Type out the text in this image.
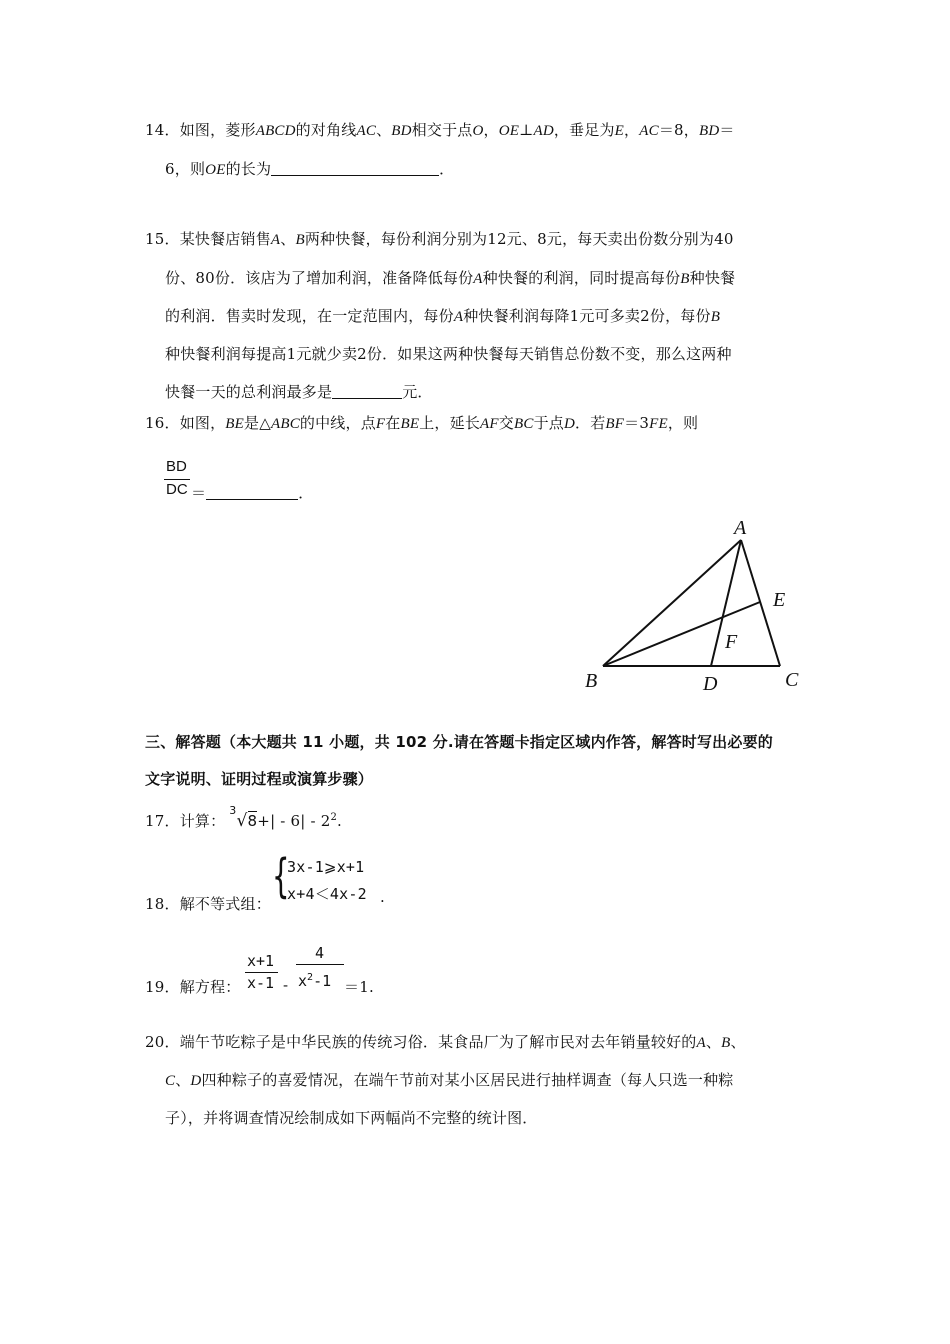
14．如图，菱形ABCD的对角线AC、BD相交于点O，OE⊥AD，垂足为E，AC＝8，BD＝
6，则OE的长为	．
15．某快餐店销售A、B两种快餐，每份利润分别为12元、8元，每天卖出份数分别为40
份、80份．该店为了增加利润，准备降低每份A种快餐的利润，同时提高每份B种快餐
的利润．售卖时发现，在一定范围内，每份A种快餐利润每降1元可多卖2份，每份B
种快餐利润每提高1元就少卖2份．如果这两种快餐每天销售总份数不变，那么这两种
快餐一天的总利润最多是	元．
16．如图，BE是△ABC的中线，点F在BE上，延长AF交BC于点D．若BF＝3FE，则
BD
DC ＝	．
A
B	C
D
E
F
三、解答题（本大题共 11 小题，共 102 分.请在答题卡指定区域内作答，解答时写出必要的
文字说明、证明过程或演算步骤）
17．计算：$^3√8+| - 6| - 2^2$.
{
3x-1⩾x+1
x+4＜4x-2
18．解不等式组：	.
x+1
x-1
4
$x^2-1$
19．解方程：	-	＝1.
20．端午节吃粽子是中华民族的传统习俗．某食品厂为了解市民对去年销量较好的A、B、
C、D四种粽子的喜爱情况，在端午节前对某小区居民进行抽样调查（每人只选一种粽
子），并将调查情况绘制成如下两幅尚不完整的统计图．
